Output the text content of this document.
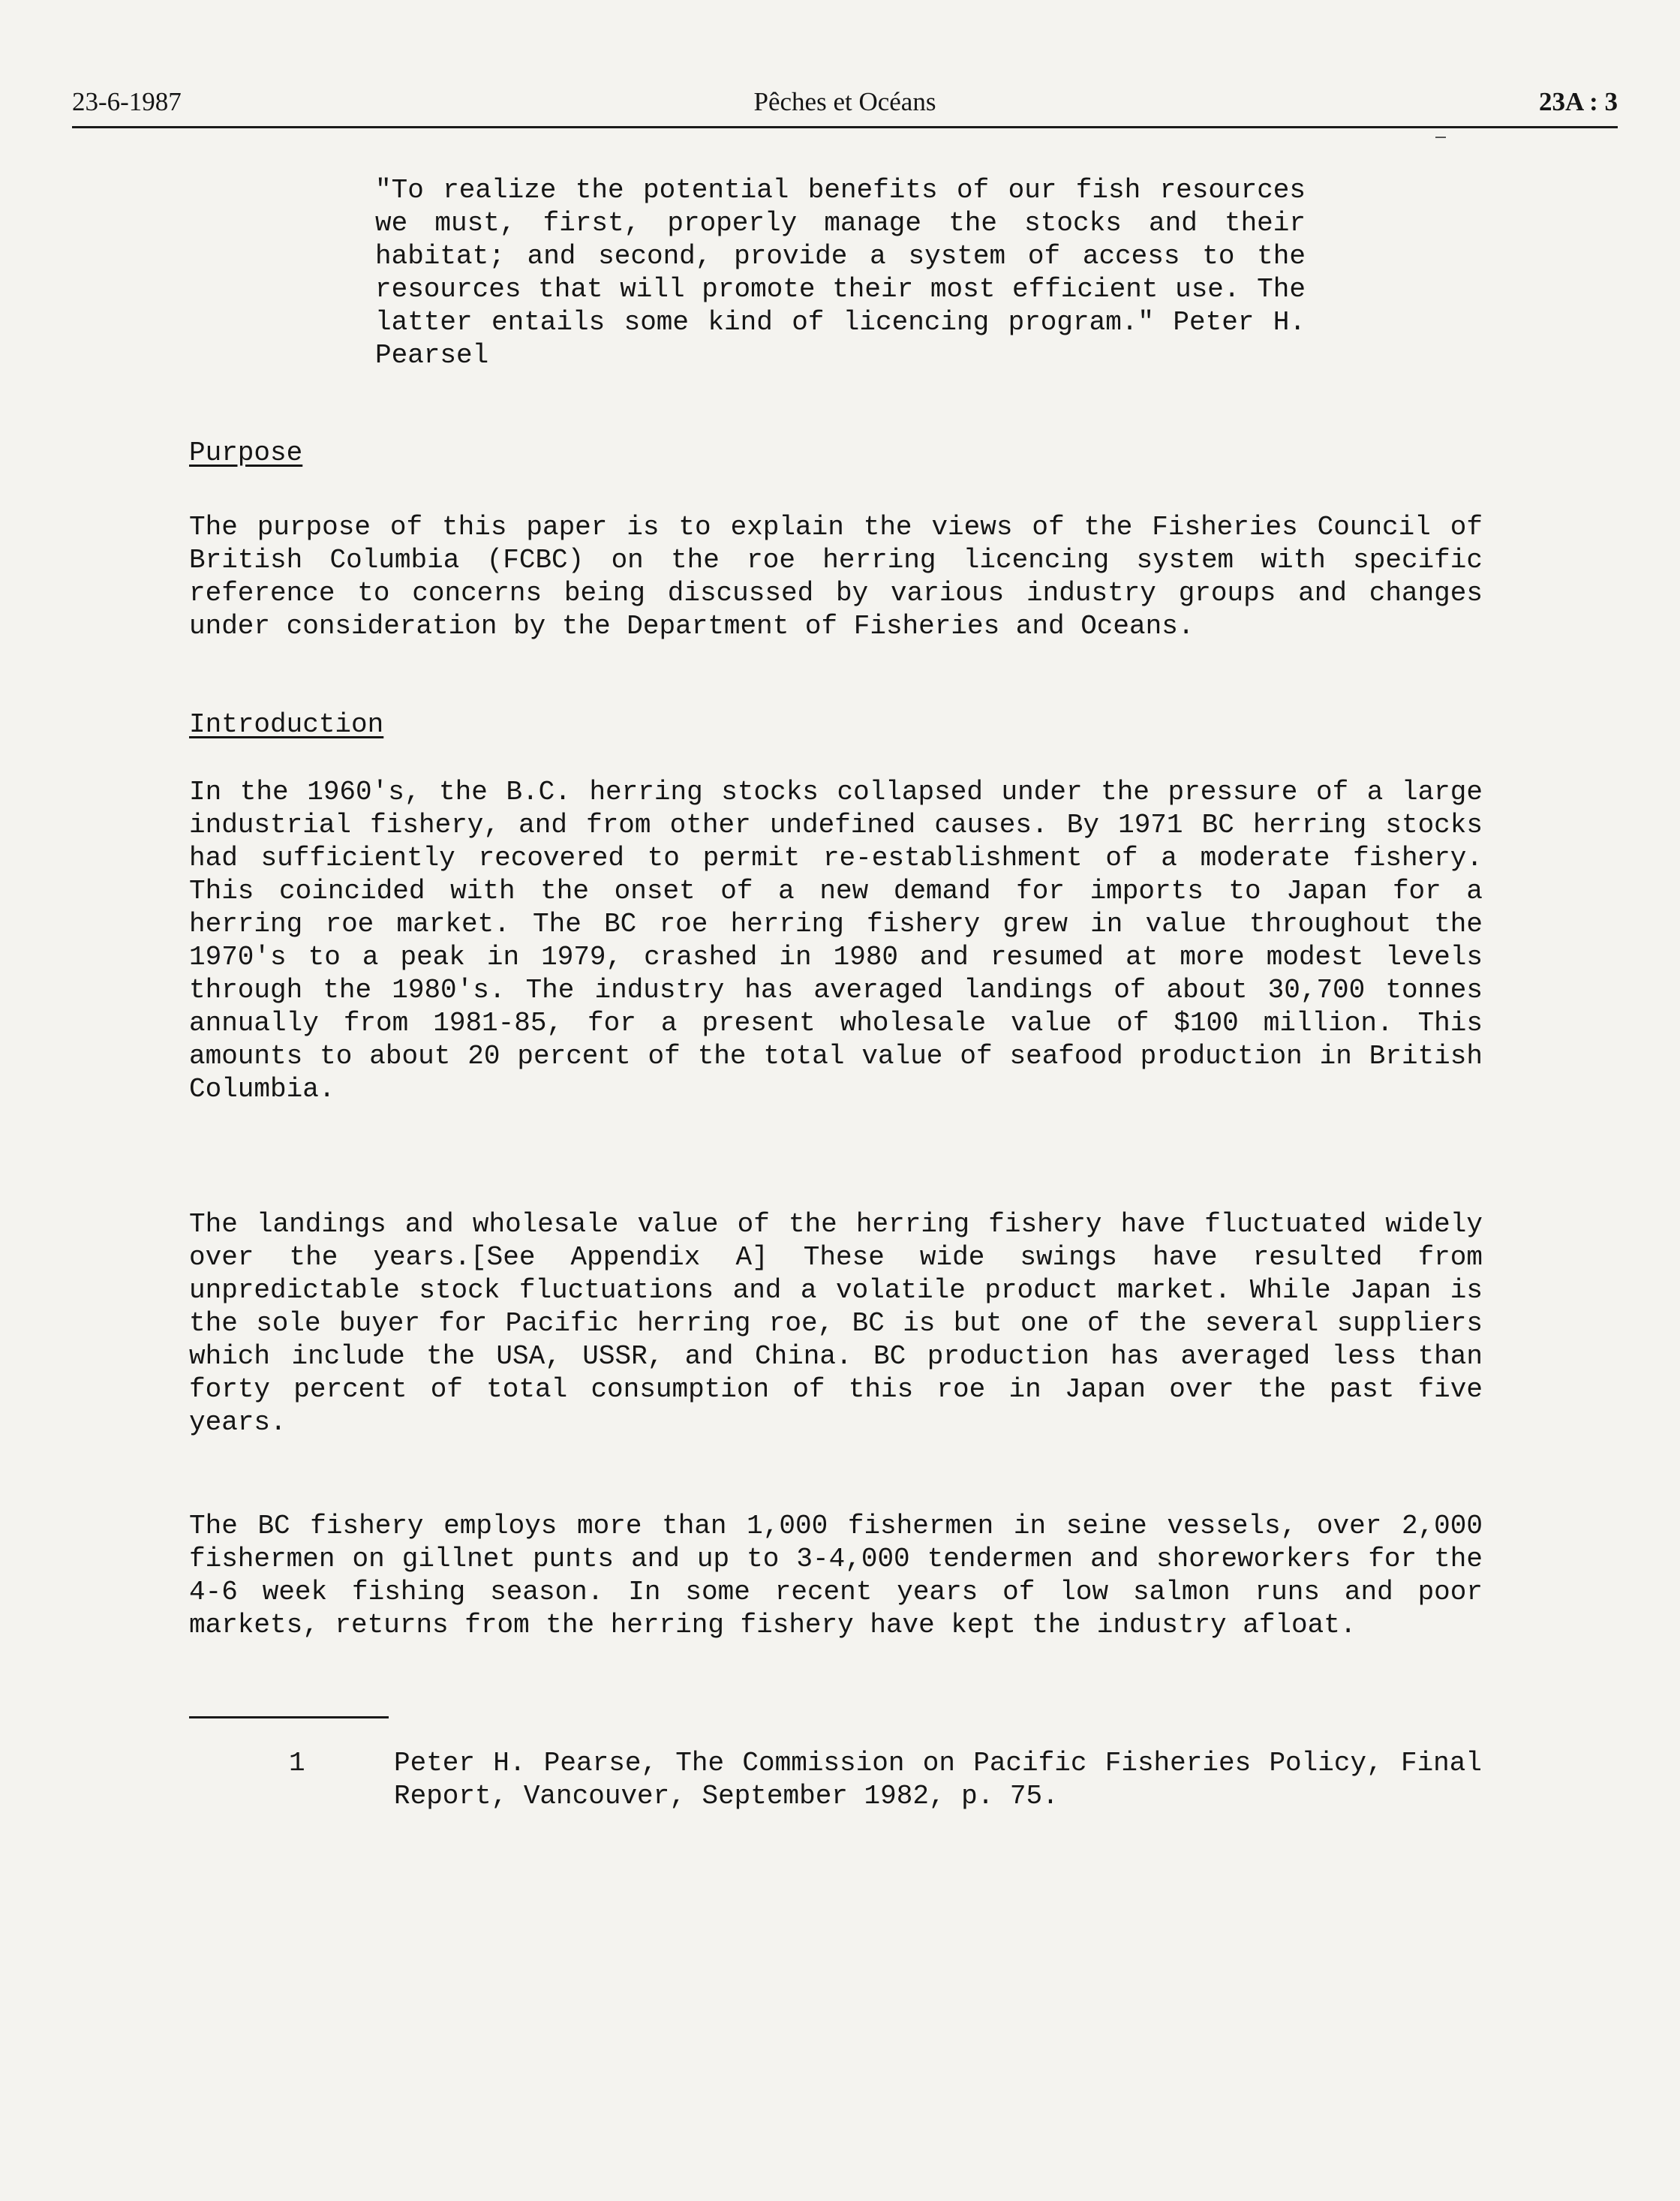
23-6-1987	Pêches et Océans	23A : 3

"To realize the potential benefits of our fish resources we must, first, properly manage the stocks and their habitat; and second, provide a system of access to the resources that will promote their most efficient use. The latter entails some kind of licencing program." Peter H. Pearsel

Purpose

The purpose of this paper is to explain the views of the Fisheries Council of British Columbia (FCBC) on the roe herring licencing system with specific reference to concerns being discussed by various industry groups and changes under consideration by the Department of Fisheries and Oceans.

Introduction

In the 1960's, the B.C. herring stocks collapsed under the pressure of a large industrial fishery, and from other undefined causes. By 1971 BC herring stocks had sufficiently recovered to permit re-establishment of a moderate fishery. This coincided with the onset of a new demand for imports to Japan for a herring roe market. The BC roe herring fishery grew in value throughout the 1970's to a peak in 1979, crashed in 1980 and resumed at more modest levels through the 1980's. The industry has averaged landings of about 30,700 tonnes annually from 1981-85, for a present wholesale value of $100 million. This amounts to about 20 percent of the total value of seafood production in British Columbia.

The landings and wholesale value of the herring fishery have fluctuated widely over the years.[See Appendix A] These wide swings have resulted from unpredictable stock fluctuations and a volatile product market. While Japan is the sole buyer for Pacific herring roe, BC is but one of the several suppliers which include the USA, USSR, and China. BC production has averaged less than forty percent of total consumption of this roe in Japan over the past five years.

The BC fishery employs more than 1,000 fishermen in seine vessels, over 2,000 fishermen on gillnet punts and up to 3-4,000 tendermen and shoreworkers for the 4-6 week fishing season. In some recent years of low salmon runs and poor markets, returns from the herring fishery have kept the industry afloat.

1	Peter H. Pearse, The Commission on Pacific Fisheries Policy, Final Report, Vancouver, September 1982, p. 75.
